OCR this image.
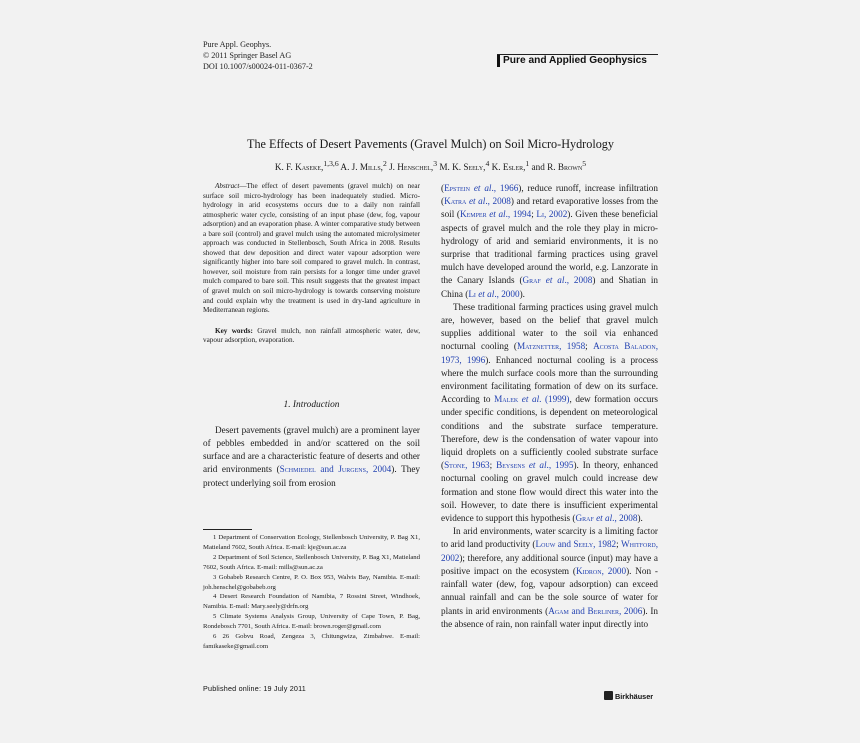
Pure Appl. Geophys.
© 2011 Springer Basel AG
DOI 10.1007/s00024-011-0367-2
Pure and Applied Geophysics
The Effects of Desert Pavements (Gravel Mulch) on Soil Micro-Hydrology
K. F. Kaseke,$^{1,3,6}$ A. J. Mills,$^2$ J. Henschel,$^3$ M. K. Seely,$^4$ K. Esler,$^1$ and R. Brown$^5$

Abstract—The effect of desert pavements (gravel mulch) on near surface soil micro-hydrology has been inadequately studied. Micro-hydrology in arid ecosystems occurs due to a daily non rainfall atmospheric water cycle, consisting of an input phase (dew, fog, vapour adsorption) and an evaporation phase. A winter comparative study between a bare soil (control) and gravel mulch using the automated microlysimeter approach was conducted in Stellenbosch, South Africa in 2008. Results showed that dew deposition and direct water vapour adsorption were significantly higher into bare soil compared to gravel mulch. In contrast, however, soil moisture from rain persists for a longer time under gravel mulch compared to bare soil. This result suggests that the greatest impact of gravel mulch on soil micro-hydrology is towards conserving moisture and could explain why the treatment is used in dry-land agriculture in Mediterranean regions.

Key words: Gravel mulch, non rainfall atmospheric water, dew, vapour adsorption, evaporation.

1. Introduction

Desert pavements (gravel mulch) are a prominent layer of pebbles embedded in and/or scattered on the soil surface and are a characteristic feature of deserts and other arid environments (Schmiedel and Jurgens, 2004). They protect underlying soil from erosion

(Epstein et al., 1966), reduce runoff, increase infiltration (Katra et al., 2008) and retard evaporative losses from the soil (Kemper et al., 1994; Li, 2002). Given these beneficial aspects of gravel mulch and the role they play in micro-hydrology of arid and semiarid environments, it is no surprise that traditional farming practices using gravel mulch have developed around the world, e.g. Lanzorate in the Canary Islands (Graf et al., 2008) and Shatian in China (Li et al., 2000).

These traditional farming practices using gravel mulch are, however, based on the belief that gravel mulch supplies additional water to the soil via enhanced nocturnal cooling (Matznetter, 1958; Acosta Baladon, 1973, 1996). Enhanced nocturnal cooling is a process where the mulch surface cools more than the surrounding environment facilitating formation of dew on its surface. According to Malek et al. (1999), dew formation occurs under specific conditions, is dependent on meteorological conditions and the substrate surface temperature. Therefore, dew is the condensation of water vapour into liquid droplets on a sufficiently cooled substrate surface (Stone, 1963; Beysens et al., 1995). In theory, enhanced nocturnal cooling on gravel mulch could increase dew formation and stone flow would direct this water into the soil. However, to date there is insufficient experimental evidence to support this hypothesis (Graf et al., 2008).

In arid environments, water scarcity is a limiting factor to arid land productivity (Louw and Seely, 1982; Whitford, 2002); therefore, any additional source (input) may have a positive impact on the ecosystem (Kidron, 2000). Non -rainfall water (dew, fog, vapour adsorption) can exceed annual rainfall and can be the sole source of water for plants in arid environments (Agam and Berliner, 2006). In the absence of rain, non rainfall water input directly into

1 Department of Conservation Ecology, Stellenbosch University, P. Bag X1, Matieland 7602, South Africa. E-mail: kje@sun.ac.za

2 Department of Soil Science, Stellenbosch University, P. Bag X1, Matieland 7602, South Africa. E-mail: mills@sun.ac.za

3 Gobabeb Research Centre, P. O. Box 953, Walvis Bay, Namibia. E-mail: joh.henschel@gobabeb.org

4 Desert Research Foundation of Namibia, 7 Rossini Street, Windhoek, Namibia. E-mail: Mary.seely@drfn.org

5 Climate Systems Analysis Group, University of Cape Town, P. Bag, Rondebosch 7701, South Africa. E-mail: brown.roger@gmail.com

6 26 Gobvu Road, Zengeza 3, Chitungwiza, Zimbabwe. E-mail: famikaseke@gmail.com

Published online: 19 July 2011
Birkhäuser
